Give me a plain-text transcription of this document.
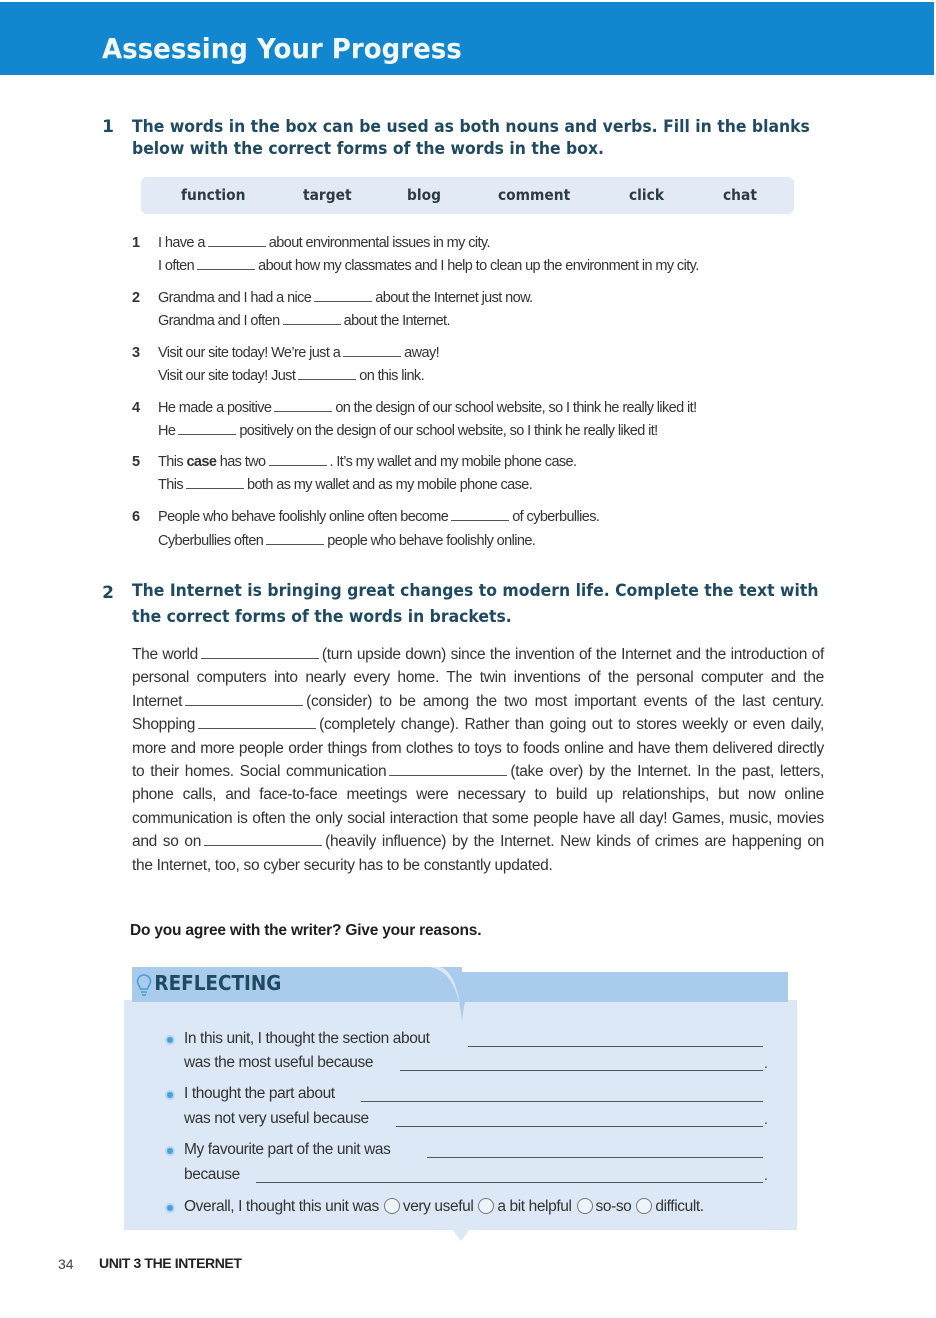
Assessing Your Progress
1 The words in the box can be used as both nouns and verbs. Fill in the blanks
below with the correct forms of the words in the box.
function	target	blog	comment	click	chat
1 I have a	about environmental issues in my city.
I often	about how my classmates and I help to clean up the environment in my city.
2 Grandma and I had a nice	about the Internet just now.
Grandma and I often	about the Internet.
3 Visit our site today! We’re just a	away!
Visit our site today! Just	on this link.
4 He made a positive	on the design of our school website, so I think he really liked it!
He	positively on the design of our school website, so I think he really liked it!
5 This case has two	. It’s my wallet and my mobile phone case.
This	both as my wallet and as my mobile phone case.
6 People who behave foolishly online often become	of cyberbullies.
Cyberbullies often	people who behave foolishly online.
2 The Internet is bringing great changes to modern life. Complete the text with
the correct forms of the words in brackets.
The world	(turn upside down) since the invention of the Internet and the introduction of personal computers into nearly every home. The twin inventions of the personal computer and the Internet	(consider) to be among the two most important events of the last century. Shopping	(completely change). Rather than going out to stores weekly or even daily, more and more people order things from clothes to toys to foods online and have them delivered directly to their homes. Social communication	(take over) by the Internet. In the past, letters, phone calls, and face-to-face meetings were necessary to build up relationships, but now online communication is often the only social interaction that some people have all day! Games, music, movies and so on	(heavily influence) by the Internet. New kinds of crimes are happening on the Internet, too, so cyber security has to be constantly updated.
Do you agree with the writer? Give your reasons.
REFLECTING
In this unit, I thought the section about
was the most useful because	.
I thought the part about
was not very useful because	.
My favourite part of the unit was
because	.
Overall, I thought this unit was very useful a bit helpful so-so difficult.
34 UNIT 3 THE INTERNET
